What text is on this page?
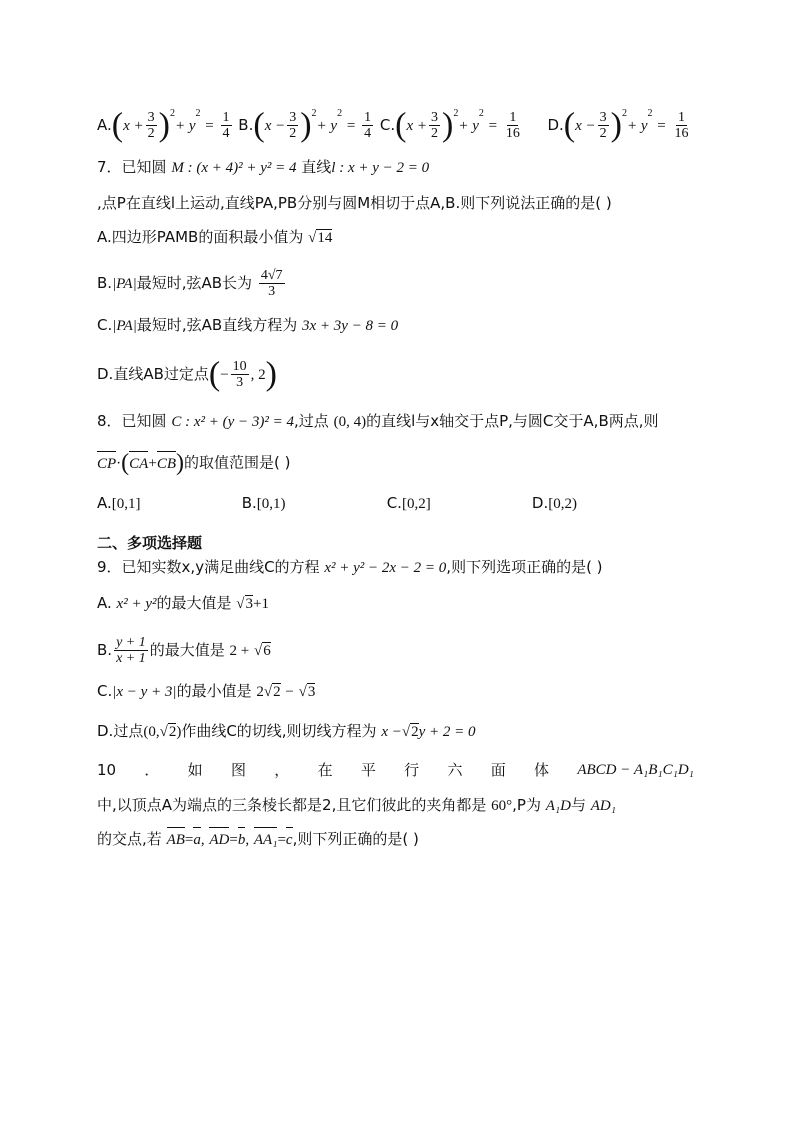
$A.(x + \frac{3}{2} )^2+ y^2 = \frac{1}{4} B.(x - \frac{3}{2} )^2+ y^2 = \frac{1}{4} C.(x + \frac{3}{2} )^2+ y^2 = \frac{1}{16} D.(x - \frac{3}{2} )^2+ y^2 = \frac{1}{16}$
7．已知圆 M : (x + 4)² + y² = 4 直线l : x + y − 2 = 0
,点P在直线l上运动,直线PA,PB分别与圆M相切于点A,B.则下列说法正确的是( )
A.四边形PAMB的面积最小值为 √14
B.|PA|最短时,弦AB长为 $\frac{4√7}{3}$
C.|PA|最短时,弦AB直线方程为 3x + 3y − 8 = 0
D.直线AB过定点(− $\frac{10}{3}$ , 2)
8．已知圆 C : x² + (y − 3)² = 4,过点 (0, 4)的直线l与x轴交于点P,与圆C交于A,B两点,则
CP·(CA+CB)的取值范围是( )
A.[0,1]	B.[0,1)	C.[0,2]	D.[0,2)
二、多项选择题
9．已知实数x,y满足曲线C的方程 x² + y² − 2x − 2 = 0,则下列选项正确的是( )
A. x² + y²的最大值是 √3+1
B. $\frac{y + 1}{x + 1}$ 的最大值是 2 + √6
C.|x − y + 3|的最小值是 2√2 − √3
D.过点(0,√2)作曲线C的切线,则切线方程为 x −√2y + 2 = 0
10 ． 如 图 ， 在 平 行 六 面 体 ABCD − A₁B₁C₁D₁
中,以顶点A为端点的三条棱长都是2,且它们彼此的夹角都是 60°,P为 A₁D与 AD₁
的交点,若 AB=a, AD=b, AA₁=c,则下列正确的是( )
